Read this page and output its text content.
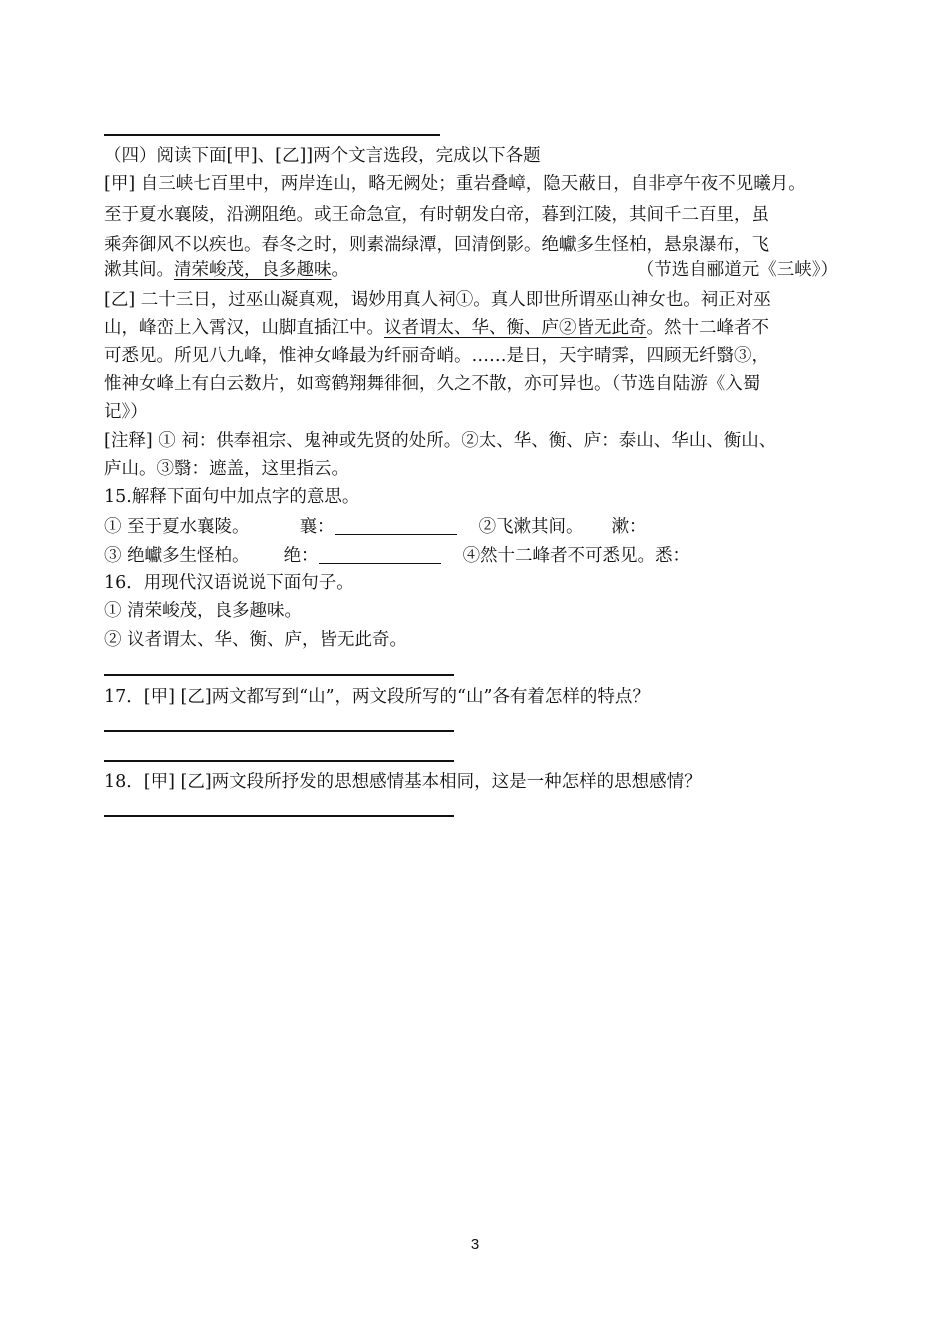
（四）阅读下面[甲]、[乙]]两个文言选段，完成以下各题
[甲] 自三峡七百里中，两岸连山，略无阙处；重岩叠嶂，隐天蔽日，自非亭午夜不见曦月。
至于夏水襄陵，沿溯阻绝。或王命急宣，有时朝发白帝，暮到江陵，其间千二百里，虽
乘奔御风不以疾也。春冬之时，则素湍绿潭，回清倒影。绝巘多生怪柏，悬泉瀑布，飞
漱其间。清荣峻茂，良多趣味。	（节选自郦道元《三峡》）
[乙] 二十三日，过巫山凝真观，谒妙用真人祠①。真人即世所谓巫山神女也。祠正对巫
山，峰峦上入霄汉，山脚直插江中。议者谓太、华、衡、庐②皆无此奇。然十二峰者不
可悉见。所见八九峰，惟神女峰最为纤丽奇峭。……是日，天宇晴霁，四顾无纤翳③，
惟神女峰上有白云数片，如鸾鹤翔舞徘徊，久之不散，亦可异也。（节选自陆游《入蜀
记》）
[注释] ① 祠：供奉祖宗、鬼神或先贤的处所。②太、华、衡、庐：泰山、华山、衡山、
庐山。③翳：遮盖，这里指云。
15.解释下面句中加点字的意思。
① 至于夏水襄陵。	襄：	②飞漱其间。 漱：
③ 绝巘多生怪柏。 绝：	④然十二峰者不可悉见。悉：
16．用现代汉语说说下面句子。
① 清荣峻茂，良多趣味。
② 议者谓太、华、衡、庐，皆无此奇。
17．[甲] [乙]两文都写到“山”，两文段所写的“山”各有着怎样的特点？
18．[甲] [乙]两文段所抒发的思想感情基本相同，这是一种怎样的思想感情？
3
